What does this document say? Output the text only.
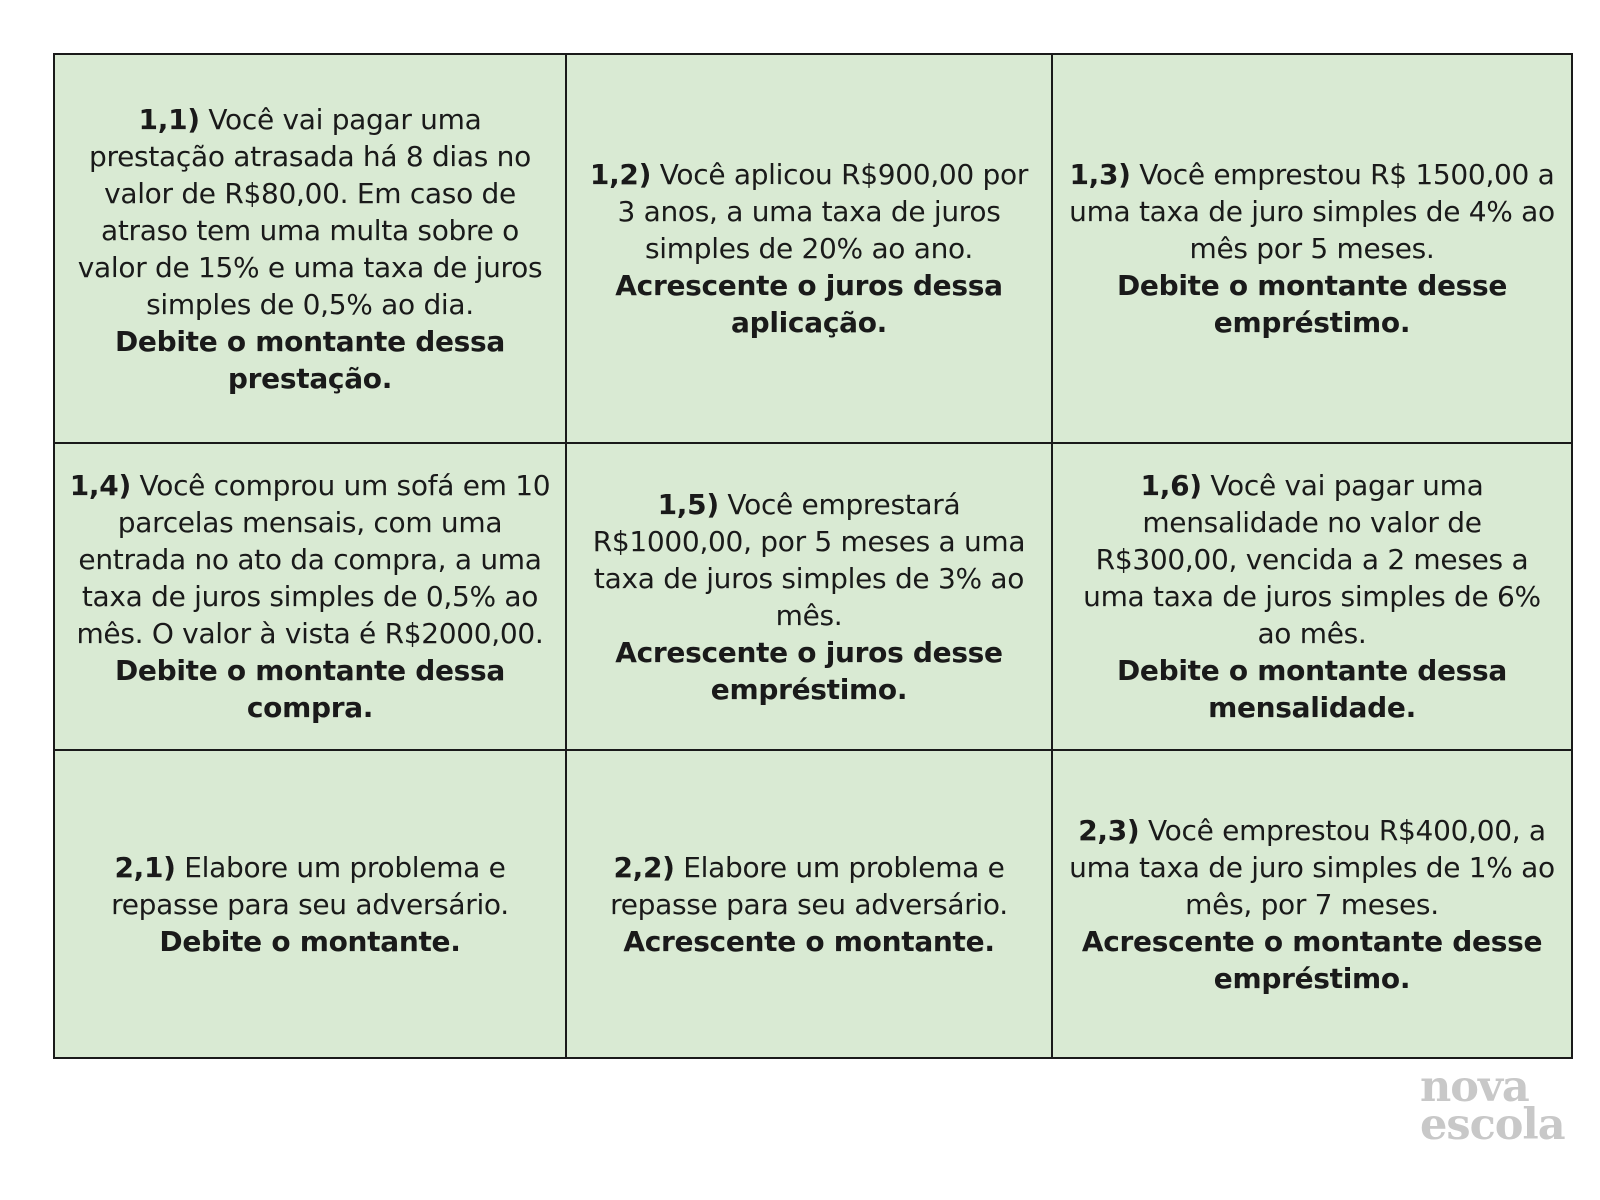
1,1) Você vai pagar uma prestação atrasada há 8 dias no valor de R$80,00. Em caso de atraso tem uma multa sobre o valor de 15% e uma taxa de juros simples de 0,5% ao dia.
Debite o montante dessa prestação.
1,2) Você aplicou R$900,00 por 3 anos, a uma taxa de juros simples de 20% ao ano.
Acrescente o juros dessa aplicação.
1,3) Você emprestou R$ 1500,00 a uma taxa de juro simples de 4% ao mês por 5 meses.
Debite o montante desse empréstimo.
1,4) Você comprou um sofá em 10 parcelas mensais, com uma entrada no ato da compra, a uma taxa de juros simples de 0,5% ao mês. O valor à vista é R$2000,00.
Debite o montante dessa compra.
1,5) Você emprestará R$1000,00, por 5 meses a uma taxa de juros simples de 3% ao mês.
Acrescente o juros desse empréstimo.
1,6) Você vai pagar uma mensalidade no valor de R$300,00, vencida a 2 meses a uma taxa de juros simples de 6% ao mês.
Debite o montante dessa mensalidade.
2,1) Elabore um problema e repasse para seu adversário.
Debite o montante.
2,2) Elabore um problema e repasse para seu adversário.
Acrescente o montante.
2,3) Você emprestou R$400,00, a uma taxa de juro simples de 1% ao mês, por 7 meses.
Acrescente o montante desse empréstimo.
nova
escola
